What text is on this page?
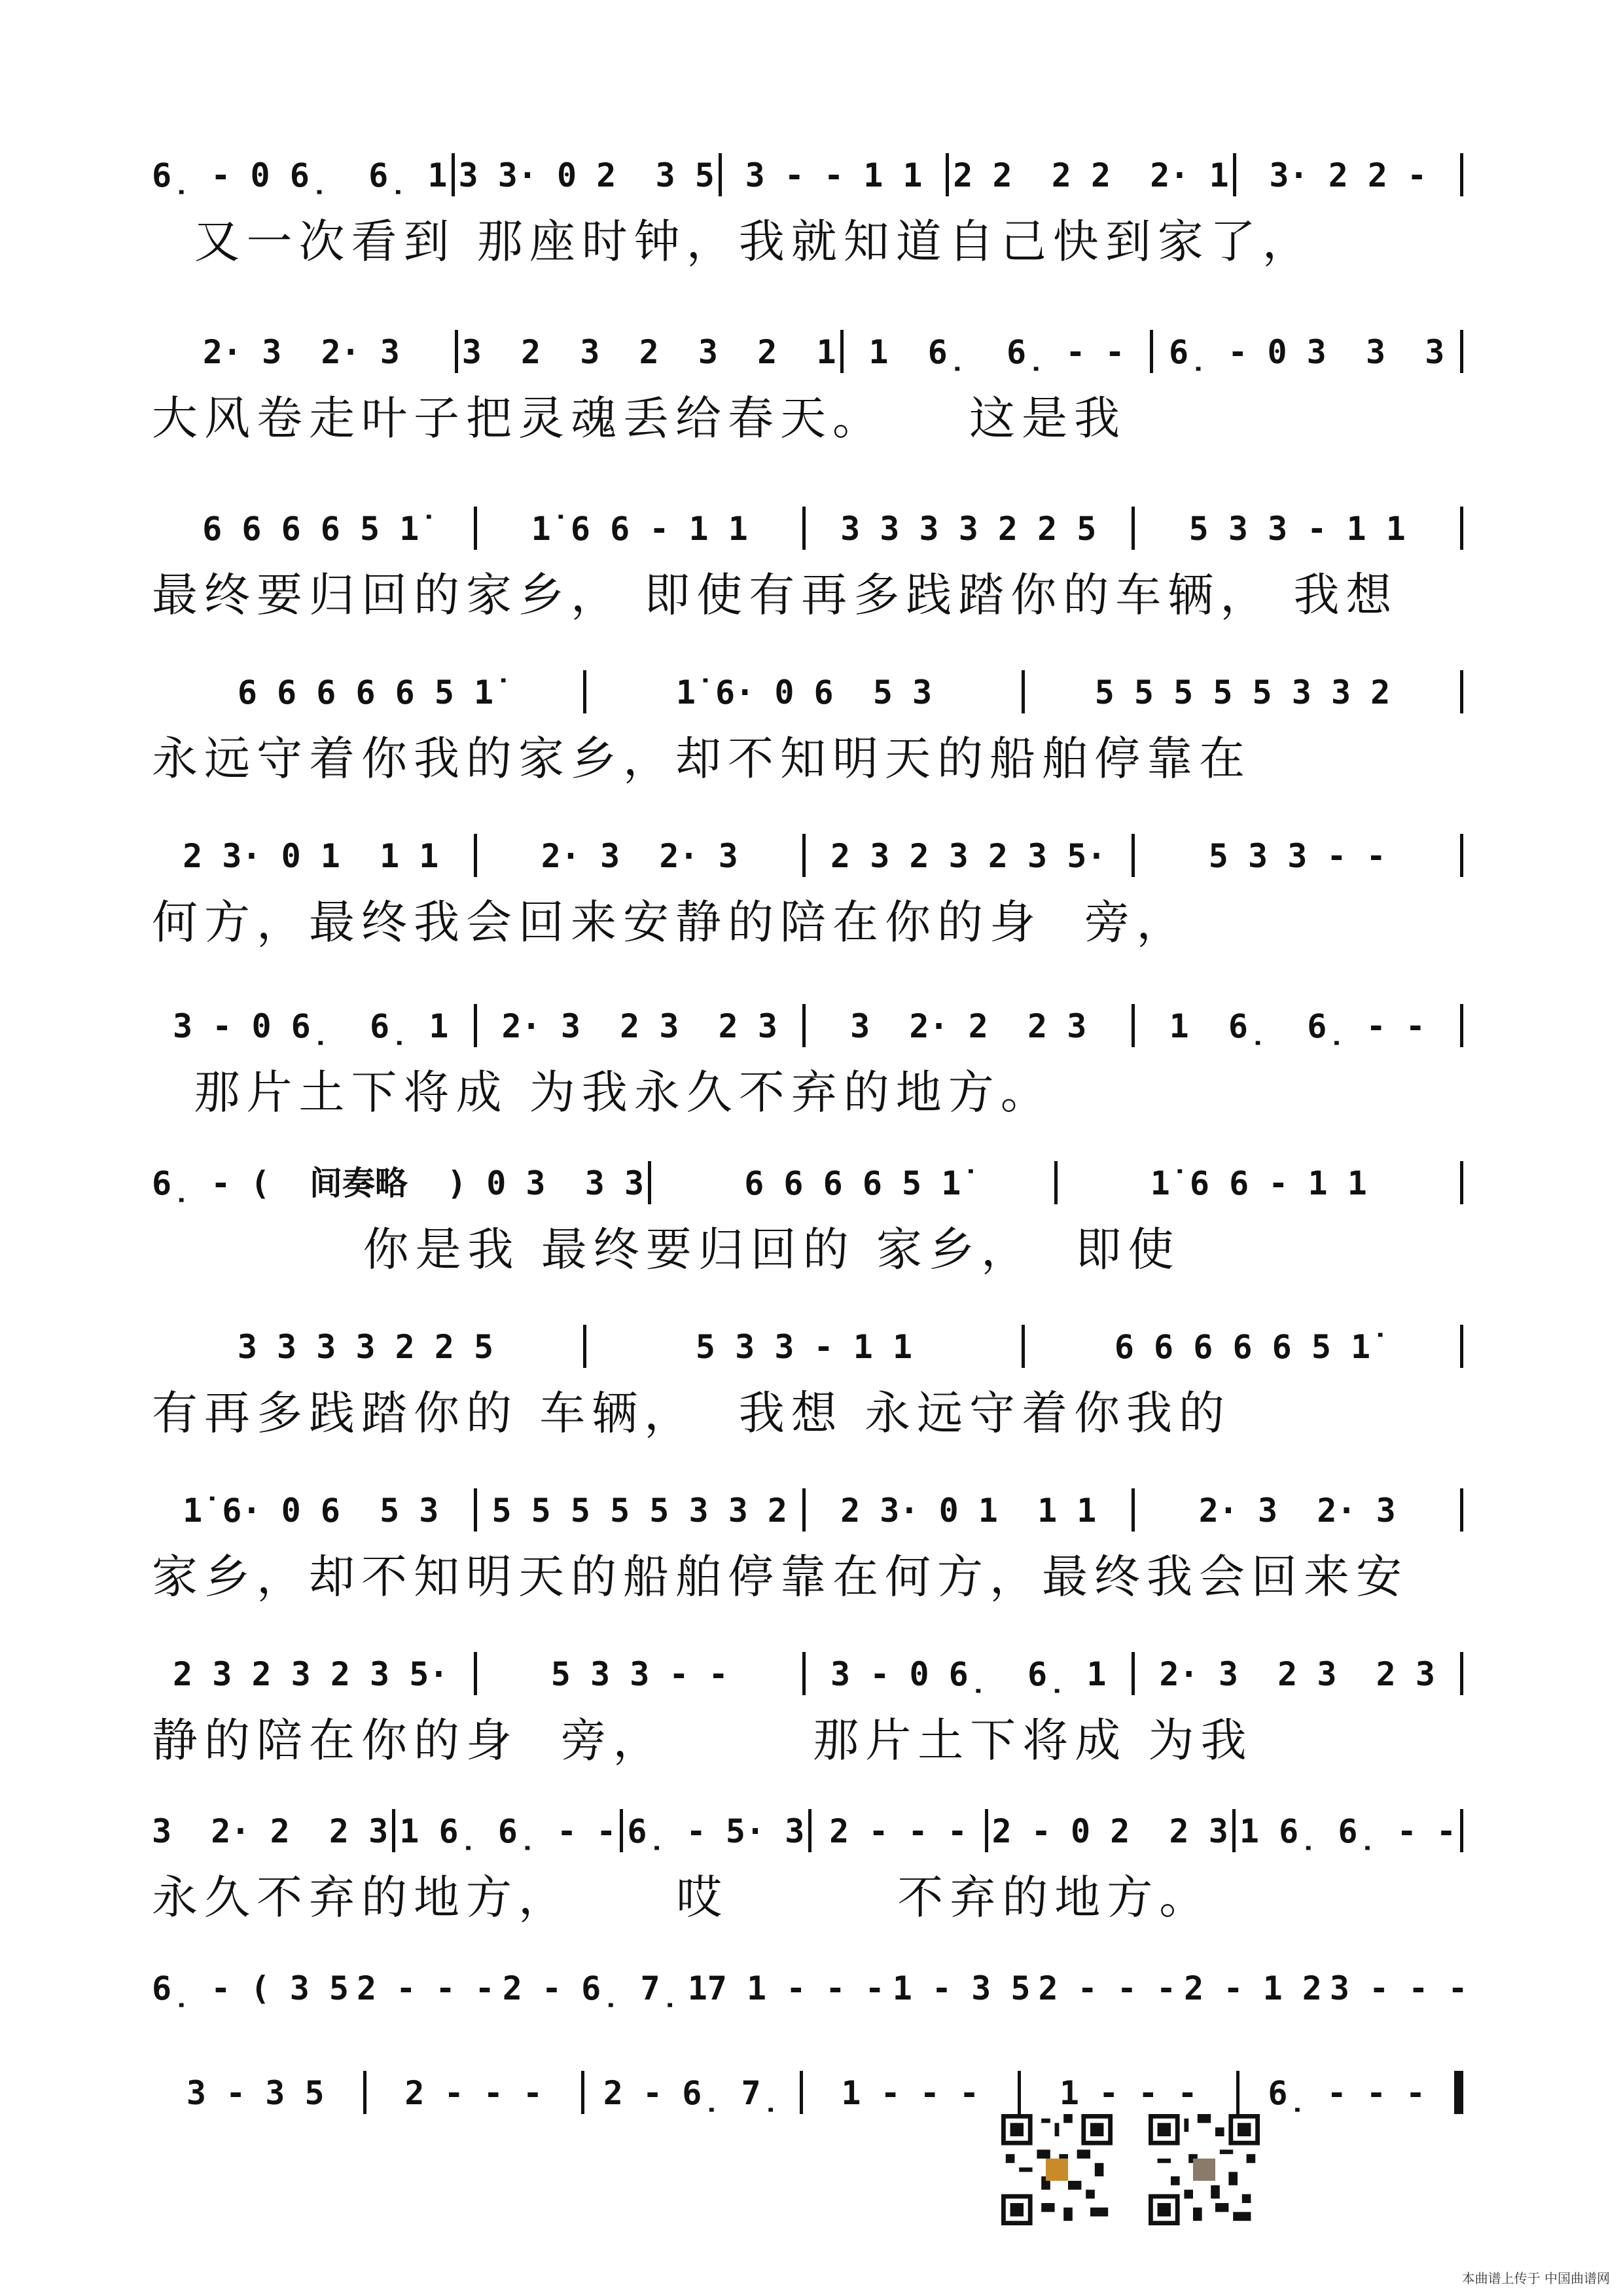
6̣ - 0 6̣  6̣ 1 3 3· 0 2  3 5 3 - - 1 1 2 2  2 2  2· 1	3· 2 2 -
又一次看到 那座时钟，我就知道自己快到家了，
2· 3  2· 3	3  2  3  2  3  2  1 1  6̣  6̣ - -	6̣ - 0 3  3  3
大风卷走叶子把灵魂丢给春天。    这是我
6 6 6 6 5 1̇	1̇ 6 6 - 1 1	3 3 3 3 2 2 5	5 3 3 - 1 1
最终要归回的家乡， 即使有再多践踏你的车辆， 我想
6 6 6 6 6 5 1̇	1̇ 6· 0 6  5 3	5 5 5 5 5 3 3 2
永远守着你我的家乡，却不知明天的船舶停靠在
2 3· 0 1  1 1	2· 3  2· 3	2 3 2 3 2 3 5·	5 3 3 - -
何方，最终我会回来安静的陪在你的身  旁，
3 - 0 6̣  6̣ 1	2· 3  2 3  2 3	3  2· 2  2 3	1  6̣  6̣ - -
那片土下将成 为我永久不弃的地方。
6̣ - (  间奏略  ) 0 3  3 3	6 6 6 6 5 1̇	1̇ 6 6 - 1 1
你是我 最终要归回的 家乡，  即使
3 3 3 3 2 2 5	5 3 3 - 1 1	6 6 6 6 6 5 1̇
有再多践踏你的 车辆，  我想 永远守着你我的
1̇ 6· 0 6  5 3	5 5 5 5 5 3 3 2	2 3· 0 1  1 1	2· 3  2· 3
家乡，却不知明天的船舶停靠在何方，最终我会回来安
2 3 2 3 2 3 5·	5 3 3 - -	3 - 0 6̣  6̣ 1	2· 3  2 3  2 3
静的陪在你的身  旁，       那片土下将成 为我
3  2· 2  2 3 1 6̣ 6̣ - - 6̣ - 5· 3 2 - - - 2 - 0 2  2 3 1 6̣ 6̣ - -
永久不弃的地方，     哎        不弃的地方。
6̣ - ( 3 5 2 - - - 2 - 6̣ 7̣ 17 1 - - - 1 - 3 5 2 - - - 2 - 1 2 3 - - -
3 - 3 5	2 - - -	2 - 6̣ 7̣	1 - - -	1 - - -	6̣ - - -
本曲谱上传于 中国曲谱网
